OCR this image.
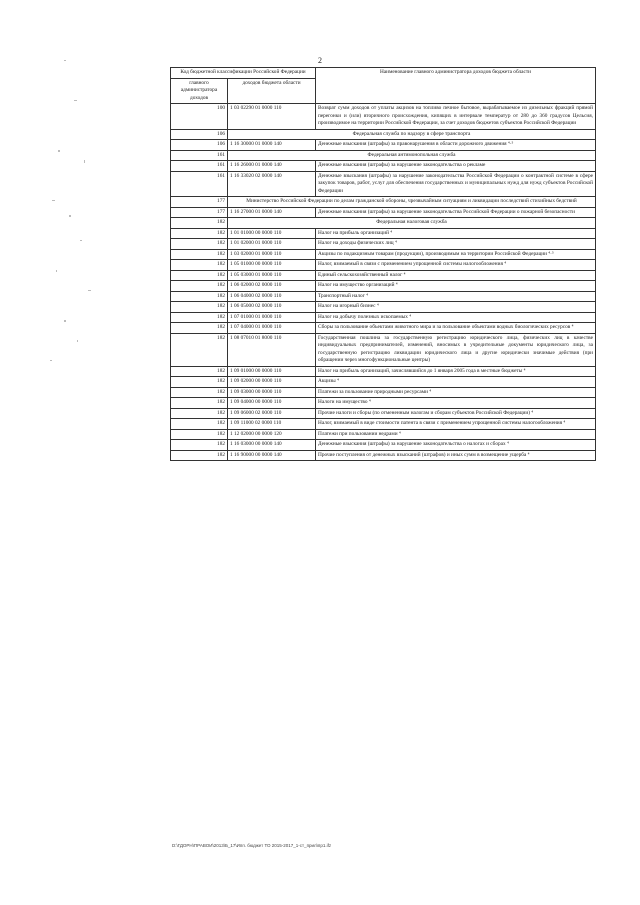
2
Код бюджетной классификации Российской Федерации		Наименование главного администратора доходов бюджета области
главного администратора доходов	доходов бюджета области	
100	1 03 02290 01 0000 110	Возврат сумм доходов от уплаты акцизов на топливо печное бытовое, вырабатываемое из дизельных фракций прямой перегонки и (или) вторичного происхождения, кипящих в интервале температур от 280 до 360 градусов Цельсия, производимое на территории Российской Федерации, за счет доходов бюджетов субъектов Российской Федерации
106	Федеральная служба по надзору в сфере транспорта	
106	1 16 30000 01 0000 140	Денежные взыскания (штрафы) за правонарушения в области дорожного движения ⁴·⁵
161	Федеральная антимонопольная служба	
161	1 16 26000 01 0000 140	Денежные взыскания (штрафы) за нарушение законодательства о рекламе
161	1 16 33020 02 0000 140	Денежные взыскания (штрафы) за нарушение законодательства Российской Федерации о контрактной системе в сфере закупок товаров, работ, услуг для обеспечения государственных и муниципальных нужд для нужд субъектов Российской Федерации
177	Министерство Российской Федерации по делам гражданской обороны, чрезвычайным ситуациям и ликвидации последствий стихийных бедствий	
177	1 16 27000 01 0000 140	Денежные взыскания (штрафы) за нарушение законодательства Российской Федерации о пожарной безопасности
182	Федеральная налоговая служба	
182	1 01 01000 00 0000 110	Налог на прибыль организаций ⁴
182	1 01 02000 01 0000 110	Налог на доходы физических лиц ⁴
182	1 03 02000 01 0000 110	Акцизы по подакцизным товарам (продукции), производимым на территории Российской Федерации ⁴·⁵
182	1 05 01000 00 0000 110	Налог, взимаемый в связи с применением упрощенной системы налогообложения ⁴
182	1 05 03000 01 0000 110	Единый сельскохозяйственный налог ⁴
182	1 06 02000 02 0000 110	Налог на имущество организаций ⁴
182	1 06 04000 02 0000 110	Транспортный налог ⁴
182	1 06 05000 02 0000 110	Налог на игорный бизнес ⁴
182	1 07 01000 01 0000 110	Налог на добычу полезных ископаемых ⁴
182	1 07 04000 01 0000 110	Сборы за пользование объектами животного мира и за пользование объектами водных биологических ресурсов ⁴
182	1 08 07010 01 8000 110	Государственная пошлина за государственную регистрацию юридического лица, физических лиц в качестве индивидуальных предпринимателей, изменений, вносимых в учредительные документы юридического лица, за государственную регистрацию ликвидации юридического лица и другие юридически значимые действия (при обращении через многофункциональные центры)
182	1 09 01000 00 0000 110	Налог на прибыль организаций, зачислявшийся до 1 января 2005 года в местные бюджеты ⁴
182	1 09 02000 00 0000 110	Акцизы ⁴
182	1 09 03000 00 0000 110	Платежи за пользование природными ресурсами ⁴
182	1 09 04000 00 0000 110	Налоги на имущество ⁴
182	1 09 06000 02 0000 110	Прочие налоги и сборы (по отмененным налогам и сборам субъектов Российской Федерации) ⁴
182	1 09 11000 02 0000 110	Налог, взимаемый в виде стоимости патента в связи с применением упрощенной системы налогообложения ⁴
182	1 12 02000 00 0000 120	Платежи при пользовании недрами ⁴
182	1 16 03000 00 0000 140	Денежные взыскания (штрафы) за нарушение законодательства о налогах и сборах ⁴
182	1 16 90000 00 0000 140	Прочие поступления от денежных взысканий (штрафов) и иных сумм в возмещение ущерба ⁴
D:\ГДОРН\ПРАВОИ\2013\Б_17\Ипп. бюджет ТО 2015-2017_1-ст_прил\пр1.ifz
